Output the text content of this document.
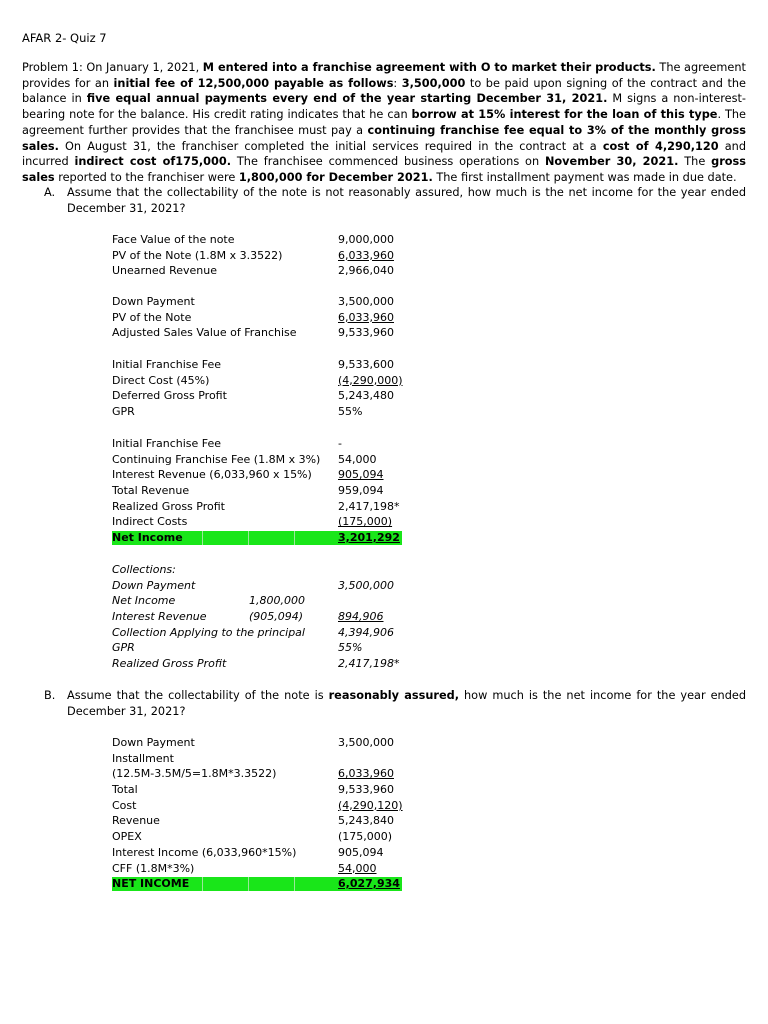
AFAR 2- Quiz 7
Problem 1: On January 1, 2021, M entered into a franchise agreement with O to market their products. The agreement provides for an initial fee of 12,500,000 payable as follows: 3,500,000 to be paid upon signing of the contract and the balance in five equal annual payments every end of the year starting December 31, 2021. M signs a non-interest-bearing note for the balance. His credit rating indicates that he can borrow at 15% interest for the loan of this type. The agreement further provides that the franchisee must pay a continuing franchise fee equal to 3% of the monthly gross sales. On August 31, the franchiser completed the initial services required in the contract at a cost of 4,290,120 and incurred indirect cost of175,000. The franchisee commenced business operations on November 30, 2021. The gross sales reported to the franchiser were 1,800,000 for December 2021. The first installment payment was made in due date.
A. Assume that the collectability of the note is not reasonably assured, how much is the net income for the year ended December 31, 2021?
Face Value of the note	9,000,000
PV of the Note (1.8M x 3.3522)	6,033,960
Unearned Revenue	2,966,040
Down Payment	3,500,000
PV of the Note	6,033,960
Adjusted Sales Value of Franchise	9,533,960
Initial Franchise Fee	9,533,600
Direct Cost (45%)	(4,290,000)
Deferred Gross Profit	5,243,480
GPR	55%
Initial Franchise Fee	-
Continuing Franchise Fee (1.8M x 3%) 54,000
Interest Revenue (6,033,960 x 15%) 905,094
Total Revenue	959,094
Realized Gross Profit	2,417,198*
Indirect Costs	(175,000)
Net Income	3,201,292
Collections:
Down Payment	3,500,000
Net Income	1,800,000
Interest Revenue	(905,094)	894,906
Collection Applying to the principal	4,394,906
GPR	55%
Realized Gross Profit	2,417,198*
B. Assume that the collectability of the note is reasonably assured, how much is the net income for the year ended December 31, 2021?
Down Payment	3,500,000
Installment
(12.5M-3.5M/5=1.8M*3.3522)	6,033,960
Total	9,533,960
Cost	(4,290,120)
Revenue	5,243,840
OPEX	(175,000)
Interest Income (6,033,960*15%)	905,094
CFF (1.8M*3%)	54,000
NET INCOME	6,027,934
